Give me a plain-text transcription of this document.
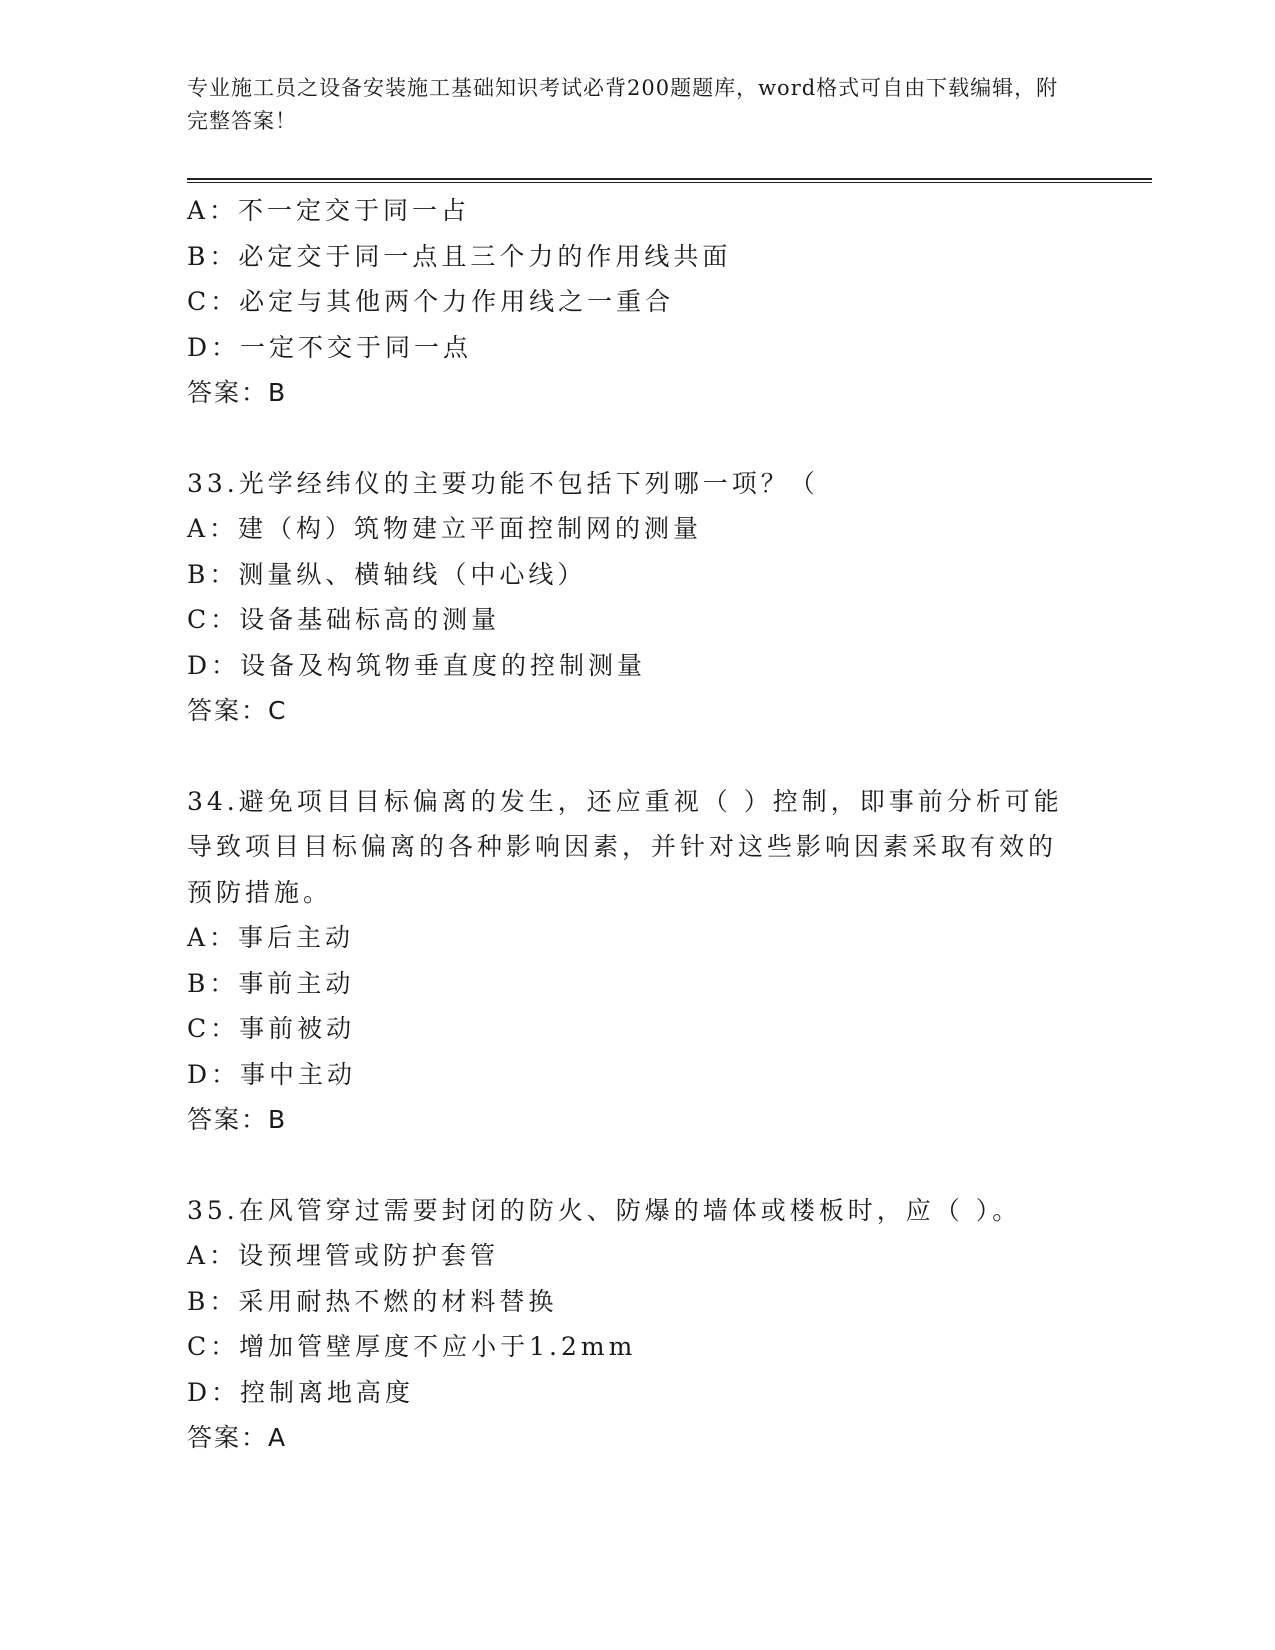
专业施工员之设备安装施工基础知识考试必背200题题库，word格式可自由下载编辑，附完整答案！

A：不一定交于同一占

B：必定交于同一点且三个力的作用线共面

C：必定与其他两个力作用线之一重合

D：一定不交于同一点

答案：B

33.光学经纬仪的主要功能不包括下列哪一项？（

A：建（构）筑物建立平面控制网的测量

B：测量纵、横轴线（中心线）

C：设备基础标高的测量

D：设备及构筑物垂直度的控制测量

答案：C

34.避免项目目标偏离的发生，还应重视（ ）控制，即事前分析可能导致项目目标偏离的各种影响因素，并针对这些影响因素采取有效的预防措施。

A：事后主动

B：事前主动

C：事前被动

D：事中主动

答案：B

35.在风管穿过需要封闭的防火、防爆的墙体或楼板时，应（ ）。

A：设预埋管或防护套管

B：采用耐热不燃的材料替换

C：增加管壁厚度不应小于1.2mm

D：控制离地高度

答案：A
